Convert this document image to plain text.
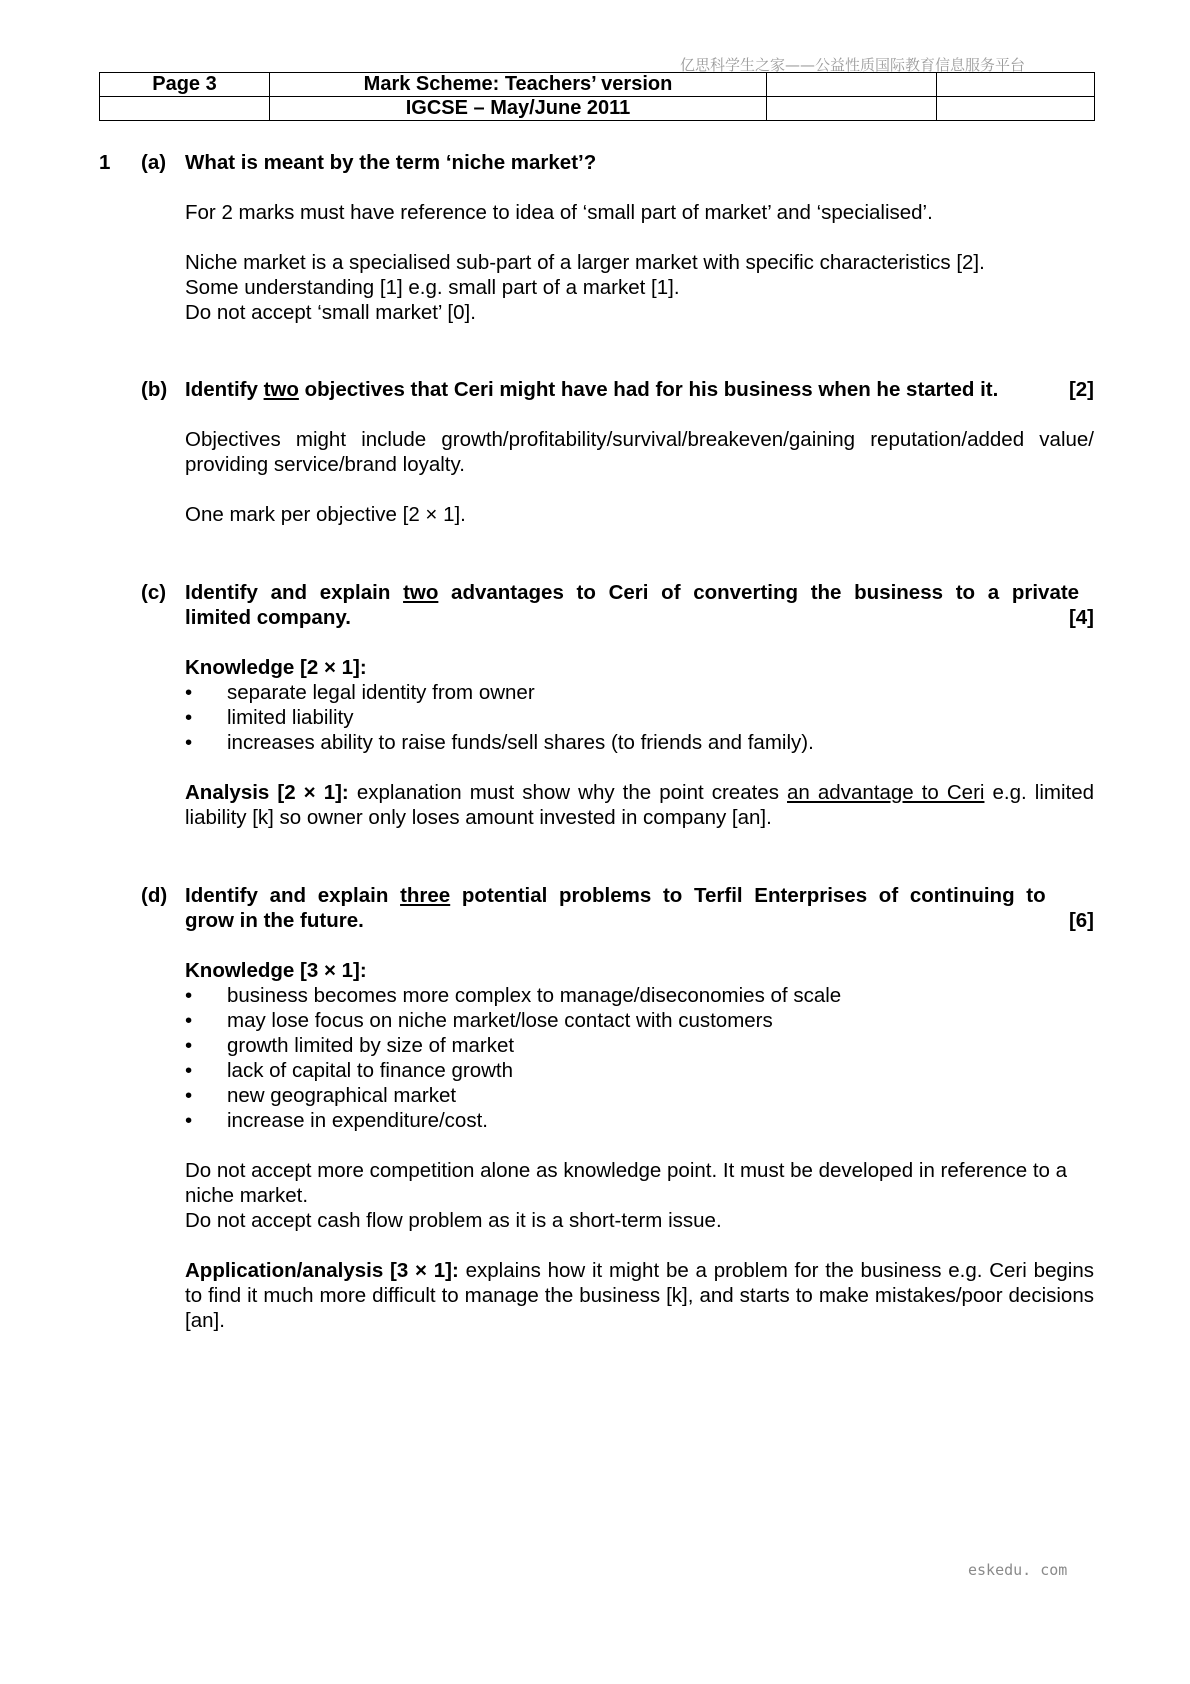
亿思科学生之家——公益性质国际教育信息服务平台
Page 3	Mark Scheme: Teachers’ version		
	IGCSE – May/June 2011		
1 (a) What is meant by the term ‘niche market’?

For 2 marks must have reference to idea of ‘small part of market’ and ‘specialised’.

Niche market is a specialised sub-part of a larger market with specific characteristics [2].

Some understanding [1] e.g. small part of a market [1].

Do not accept ‘small market’ [0].

(b) Identify two objectives that Ceri might have had for his business when he started it.	[2]

Objectives might include growth/profitability/survival/breakeven/gaining reputation/added value/ providing service/brand loyalty.

One mark per objective [2 × 1].

(c) Identify and explain two advantages to Ceri of converting the business to a private
limited company.	[4]

Knowledge [2 × 1]:

• separate legal identity from owner
• limited liability
• increases ability to raise funds/sell shares (to friends and family).

Analysis [2 × 1]: explanation must show why the point creates an advantage to Ceri e.g. limited liability [k] so owner only loses amount invested in company [an].

(d) Identify and explain three potential problems to Terfil Enterprises of continuing to
grow in the future.	[6]

Knowledge [3 × 1]:

• business becomes more complex to manage/diseconomies of scale
• may lose focus on niche market/lose contact with customers
• growth limited by size of market
• lack of capital to finance growth
• new geographical market
• increase in expenditure/cost.

Do not accept more competition alone as knowledge point. It must be developed in reference to a niche market.

Do not accept cash flow problem as it is a short-term issue.

Application/analysis [3 × 1]: explains how it might be a problem for the business e.g. Ceri begins to find it much more difficult to manage the business [k], and starts to make mistakes/poor decisions [an].

eskedu. com
